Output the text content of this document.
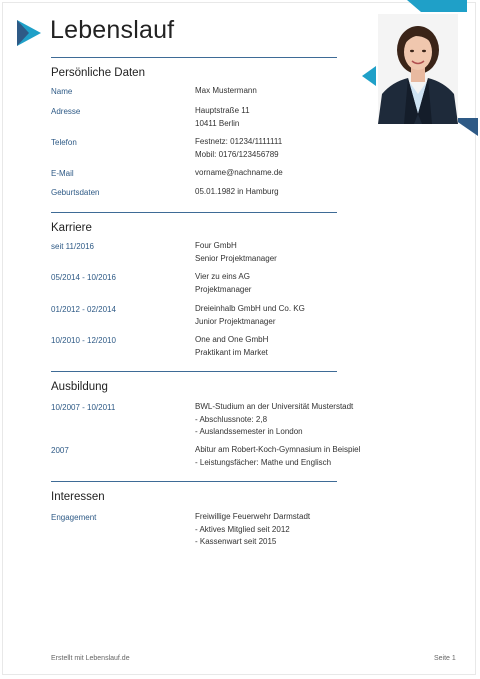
Lebenslauf
Persönliche Daten
Name	Max Mustermann
Adresse	Hauptstraße 11
10411 Berlin
Telefon	Festnetz: 01234/1111111
Mobil: 0176/123456789
E-Mail	vorname@nachname.de
Geburtsdaten	05.01.1982 in Hamburg
Karriere
seit 11/2016	Four GmbH
Senior Projektmanager
05/2014 - 10/2016	Vier zu eins AG
Projektmanager
01/2012 - 02/2014	Dreieinhalb GmbH und Co. KG
Junior Projektmanager
10/2010 - 12/2010	One and One GmbH
Praktikant im Market
Ausbildung
10/2007 - 10/2011	BWL-Studium an der Universität Musterstadt
- Abschlussnote: 2,8
- Auslandssemester in London
2007	Abitur am Robert-Koch-Gymnasium in Beispiel
- Leistungsfächer: Mathe und Englisch
Interessen
Engagement	Freiwillige Feuerwehr Darmstadt
- Aktives Mitglied seit 2012
- Kassenwart seit 2015
Erstellt mit Lebenslauf.de	Seite 1
